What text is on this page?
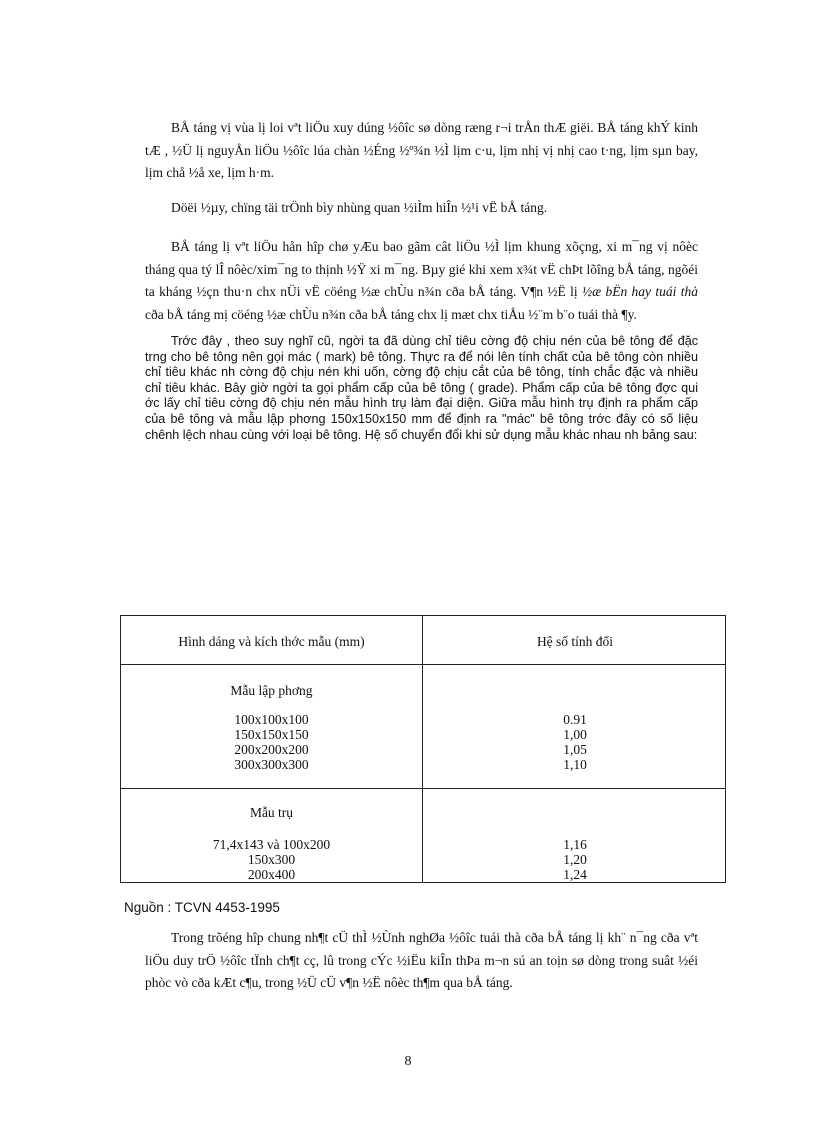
BÅ táng vị vùa lị loi vªt liÖu xuy dúng ½ôîc sø dòng ræng r¬i trÅn thÆ giëi. BÅ táng khÝ kinh tÆ , ½Ü lị nguyÅn liÖu ½ôîc lúa chàn ½Éng ½º¾n ½Ì lịm c·u, lịm nhị vị nhị cao t·ng, lịm sµn bay, lịm chå ½å xe, lịm h·m.

Döëi ½µy, chïng täi trÖnh bìy nhùng quan ½iÌm hiÎn ½¹i vË bÅ táng.

BÅ táng lị vªt liÖu hån hîp chø yÆu bao gãm cât liÖu ½Ì lịm khung xõçng, xi m¯ng vị nôèc tháng qua tý lÎ nôèc/xim¯ng to thịnh ½Ÿ xi m¯ng. Bµy gié khi xem x¾t vË chÞt lõîng bÅ táng, ngõéi ta kháng ½çn thu·n chx nÜi vË cöéng ½æ chÙu n¾n cða bÅ táng. V¶n ½Ë lị ½æ bËn hay tuái thà cða bÅ táng mị cöéng ½æ chÙu n¾n cða bÅ táng chx lị mæt chx tiÅu ½¨m b¨o tuái thà ¶y.

Trớc đây , theo suy nghĩ cũ, ngời ta đã dùng chỉ tiêu cờng độ chịu nén của bê tông để đặc trng cho bê tông nên gọi mác ( mark) bê tông. Thực ra để nói lên tính chất của bê tông còn nhiều chỉ tiêu khác nh cờng độ chịu nén khi uốn, cờng độ chịu cắt của bê tông, tính chắc đặc và nhiều chỉ tiêu khác. Bây giờ ngời ta gọi phẩm cấp của bê tông ( grade). Phẩm cấp của bê tông đợc qui ớc lấy chỉ tiêu cờng độ chịu nén mẫu hình trụ làm đại diện. Giữa mẫu hình trụ định ra phẩm cấp của bê tông và mẫu lập phơng 150x150x150 mm để định ra "mác" bê tông trớc đây có số liệu chênh lệch nhau cùng với loại bê tông. Hệ số chuyển đổi khi sử dụng mẫu khác nhau nh bảng sau:

Hình dáng và kích thớc mẫu (mm)	Hệ số tính đổi
Mẫu lập phơng
100x100x100
150x150x150
200x200x200
300x300x300
0.91
1,00
1,05
1,10
Mẫu trụ
71,4x143 và 100x200
150x300
200x400
1,16
1,20
1,24
Nguồn : TCVN 4453-1995

Trong trõéng hîp chung nh¶t cÜ thÌ ½Ùnh nghØa ½ôîc tuái thà cða bÅ táng lị kh¨ n¯ng cða vªt liÖu duy trÖ ½ôîc tÏnh ch¶t cç, lû trong cÝc ½iËu kiÎn thÞa m¬n sú an toịn sø dòng trong suât ½éi phòc vò cða kÆt c¶u, trong ½Ü cÜ v¶n ½Ë nôèc th¶m qua bÅ táng.

8
